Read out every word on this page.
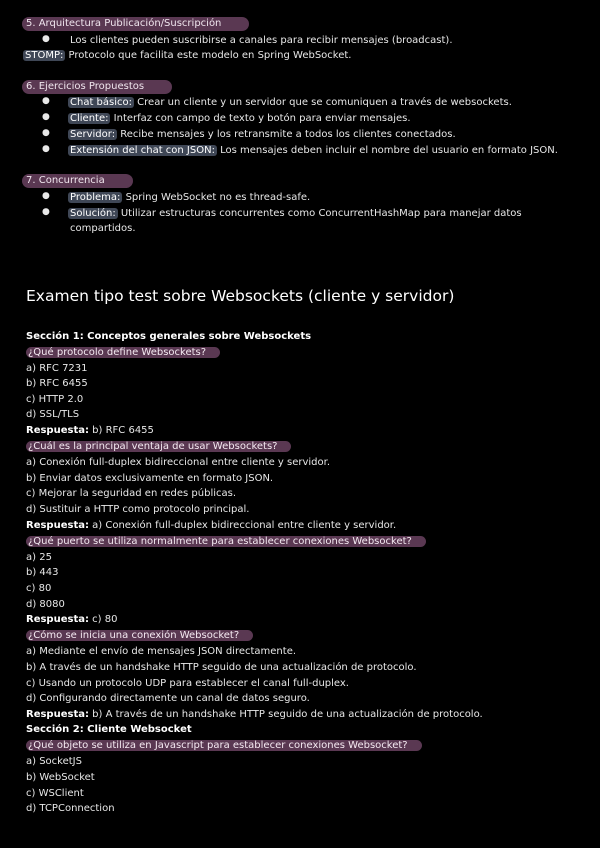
5. Arquitectura Publicación/Suscripción
● Los clientes pueden suscribirse a canales para recibir mensajes (broadcast).
STOMP: Protocolo que facilita este modelo en Spring WebSocket.
6. Ejercicios Propuestos
● Chat básico: Crear un cliente y un servidor que se comuniquen a través de websockets.
● Cliente: Interfaz con campo de texto y botón para enviar mensajes.
● Servidor: Recibe mensajes y los retransmite a todos los clientes conectados.
● Extensión del chat con JSON: Los mensajes deben incluir el nombre del usuario en formato JSON.
7. Concurrencia
● Problema: Spring WebSocket no es thread-safe.
● Solución: Utilizar estructuras concurrentes como ConcurrentHashMap para manejar datos
compartidos.
Examen tipo test sobre Websockets (cliente y servidor)
Sección 1: Conceptos generales sobre Websockets
¿Qué protocolo define Websockets?
a) RFC 7231
b) RFC 6455
c) HTTP 2.0
d) SSL/TLS
Respuesta: b) RFC 6455
¿Cuál es la principal ventaja de usar Websockets?
a) Conexión full-duplex bidireccional entre cliente y servidor.
b) Enviar datos exclusivamente en formato JSON.
c) Mejorar la seguridad en redes públicas.
d) Sustituir a HTTP como protocolo principal.
Respuesta: a) Conexión full-duplex bidireccional entre cliente y servidor.
¿Qué puerto se utiliza normalmente para establecer conexiones Websocket?
a) 25
b) 443
c) 80
d) 8080
Respuesta: c) 80
¿Cómo se inicia una conexión Websocket?
a) Mediante el envío de mensajes JSON directamente.
b) A través de un handshake HTTP seguido de una actualización de protocolo.
c) Usando un protocolo UDP para establecer el canal full-duplex.
d) Configurando directamente un canal de datos seguro.
Respuesta: b) A través de un handshake HTTP seguido de una actualización de protocolo.
Sección 2: Cliente Websocket
¿Qué objeto se utiliza en Javascript para establecer conexiones Websocket?
a) SocketJS
b) WebSocket
c) WSClient
d) TCPConnection
